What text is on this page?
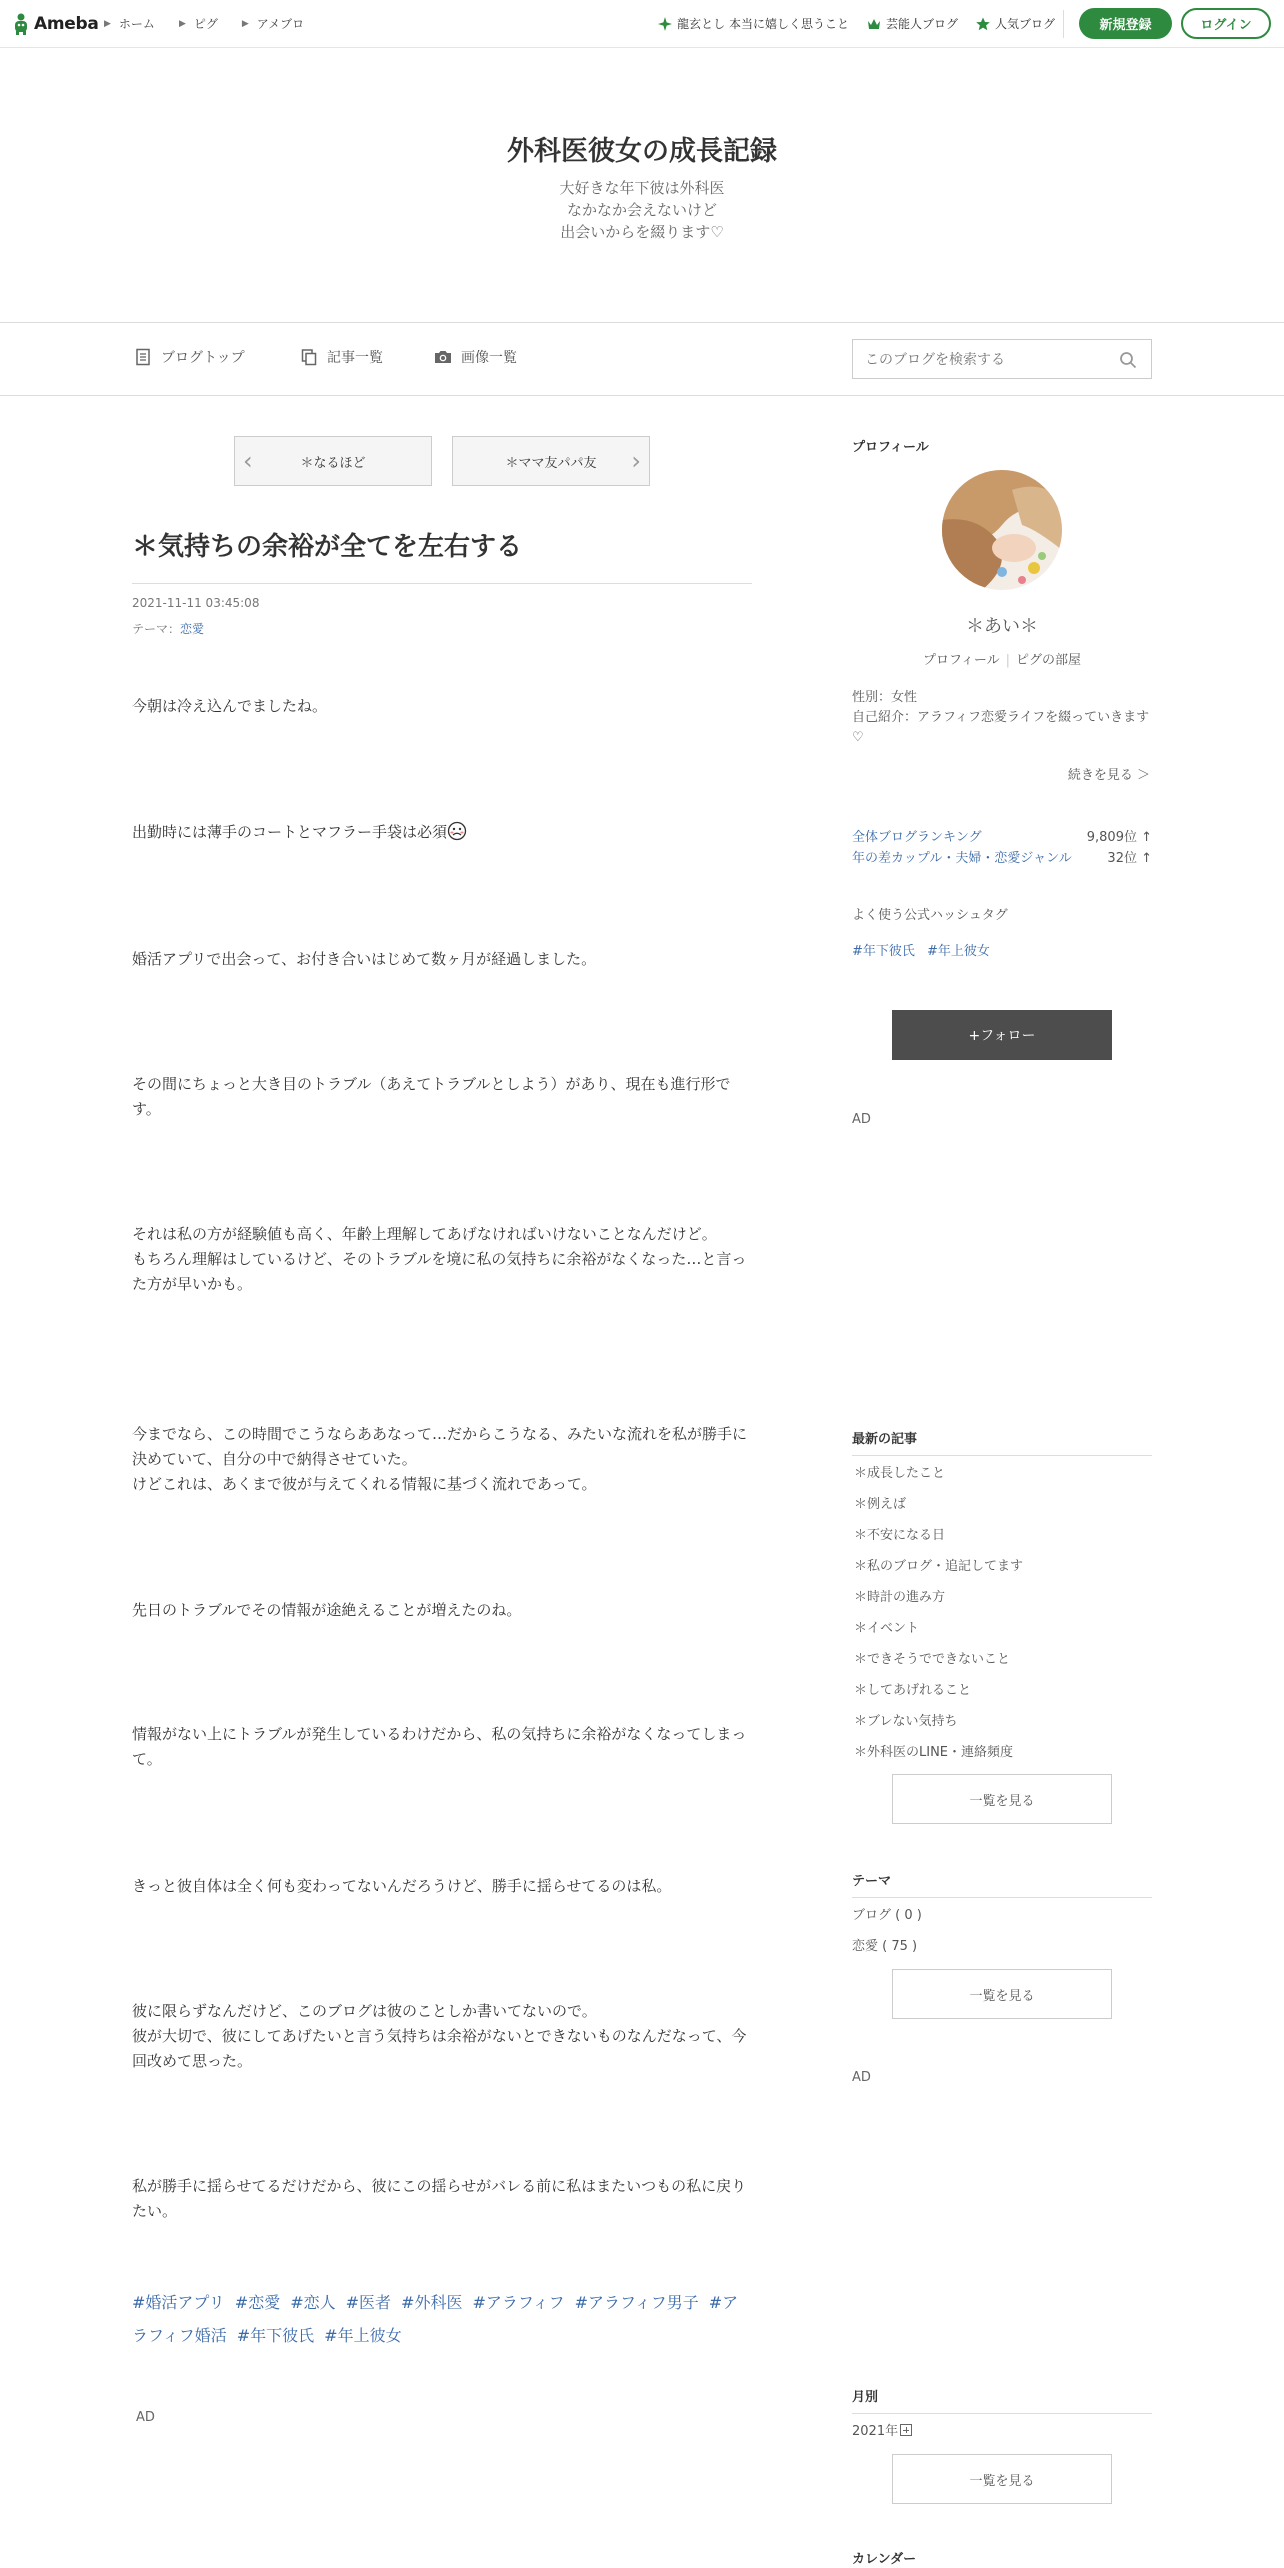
Ameba ▶ ホーム	▶ ピグ	▶ アメブロ	龍玄とし 本当に嬉しく思うこと	芸能人ブログ	人気ブログ	新規登録	ログイン
外科医彼女の成長記録
大好きな年下彼は外科医
なかなか会えないけど
出会いからを綴ります♡
ブログトップ	記事一覧	画像一覧
このブログを検索する
‹	＊なるほど	＊ママ友パパ友 ›
＊気持ちの余裕が全てを左右する
2021-11-11 03:45:08
テーマ：恋愛

今朝は冷え込んでましたね。

出勤時には薄手のコートとマフラー手袋は必須

婚活アプリで出会って、お付き合いはじめて数ヶ月が経過しました。

その間にちょっと大き目のトラブル（あえてトラブルとしよう）があり、現在も進行形です。

それは私の方が経験値も高く、年齢上理解してあげなければいけないことなんだけど。
もちろん理解はしているけど、そのトラブルを境に私の気持ちに余裕がなくなった…と言った方が早いかも。
今までなら、この時間でこうならああなって…だからこうなる、みたいな流れを私が勝手に決めていて、自分の中で納得させていた。
けどこれは、あくまで彼が与えてくれる情報に基づく流れであって。

先日のトラブルでその情報が途絶えることが増えたのね。

情報がない上にトラブルが発生しているわけだから、私の気持ちに余裕がなくなってしまって。

きっと彼自体は全く何も変わってないんだろうけど、勝手に揺らせてるのは私。

彼に限らずなんだけど、このブログは彼のことしか書いてないので。
彼が大切で、彼にしてあげたいと言う気持ちは余裕がないとできないものなんだなって、今回改めて思った。

私が勝手に揺らせてるだけだから、彼にこの揺らせがバレる前に私はまたいつもの私に戻りたい。

#婚活アプリ #恋愛 #恋人 #医者 #外科医 #アラフィフ #アラフィフ男子 #アラフィフ婚活 #年下彼氏 #年上彼女
AD
プロフィール
＊あい＊
プロフィール | ピグの部屋
性別：女性
自己紹介：アラフィフ恋愛ライフを綴っていきます♡
続きを見る ＞
全体ブログランキング	9,809位 ↑
年の差カップル・夫婦・恋愛ジャンル	32位 ↑
よく使う公式ハッシュタグ
#年下彼氏 #年上彼女
+フォロー
AD
最新の記事
＊成長したこと
＊例えば
＊不安になる日
＊私のブログ・追記してます
＊時計の進み方
＊イベント
＊できそうでできないこと
＊してあげれること
＊ブレない気持ち
＊外科医のLINE・連絡頻度
一覧を見る
テーマ
ブログ ( 0 )
恋愛 ( 75 )
一覧を見る
AD
月別
2021年
一覧を見る
カレンダー
